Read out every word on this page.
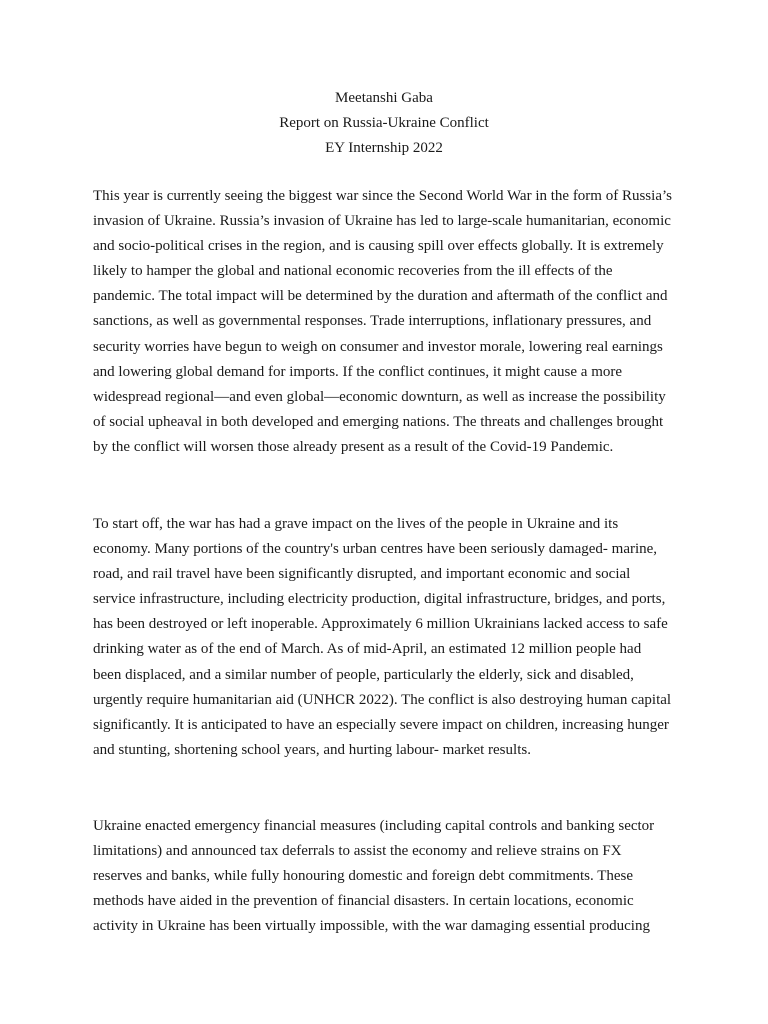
Meetanshi Gaba
Report on Russia-Ukraine Conflict
EY Internship 2022

This year is currently seeing the biggest war since the Second World War in the form of Russia’s invasion of Ukraine. Russia’s invasion of Ukraine has led to large-scale humanitarian, economic and socio-political crises in the region, and is causing spill over effects globally. It is extremely likely to hamper the global and national economic recoveries from the ill effects of the pandemic. The total impact will be determined by the duration and aftermath of the conflict and sanctions, as well as governmental responses. Trade interruptions, inflationary pressures, and security worries have begun to weigh on consumer and investor morale, lowering real earnings and lowering global demand for imports. If the conflict continues, it might cause a more widespread regional—and even global—economic downturn, as well as increase the possibility of social upheaval in both developed and emerging nations. The threats and challenges brought by the conflict will worsen those already present as a result of the Covid-19 Pandemic.

To start off, the war has had a grave impact on the lives of the people in Ukraine and its economy. Many portions of the country's urban centres have been seriously damaged- marine, road, and rail travel have been significantly disrupted, and important economic and social service infrastructure, including electricity production, digital infrastructure, bridges, and ports, has been destroyed or left inoperable. Approximately 6 million Ukrainians lacked access to safe drinking water as of the end of March. As of mid-April, an estimated 12 million people had been displaced, and a similar number of people, particularly the elderly, sick and disabled, urgently require humanitarian aid (UNHCR 2022). The conflict is also destroying human capital significantly. It is anticipated to have an especially severe impact on children, increasing hunger and stunting, shortening school years, and hurting labour- market results.

Ukraine enacted emergency financial measures (including capital controls and banking sector limitations) and announced tax deferrals to assist the economy and relieve strains on FX reserves and banks, while fully honouring domestic and foreign debt commitments. These methods have aided in the prevention of financial disasters. In certain locations, economic activity in Ukraine has been virtually impossible, with the war damaging essential producing
